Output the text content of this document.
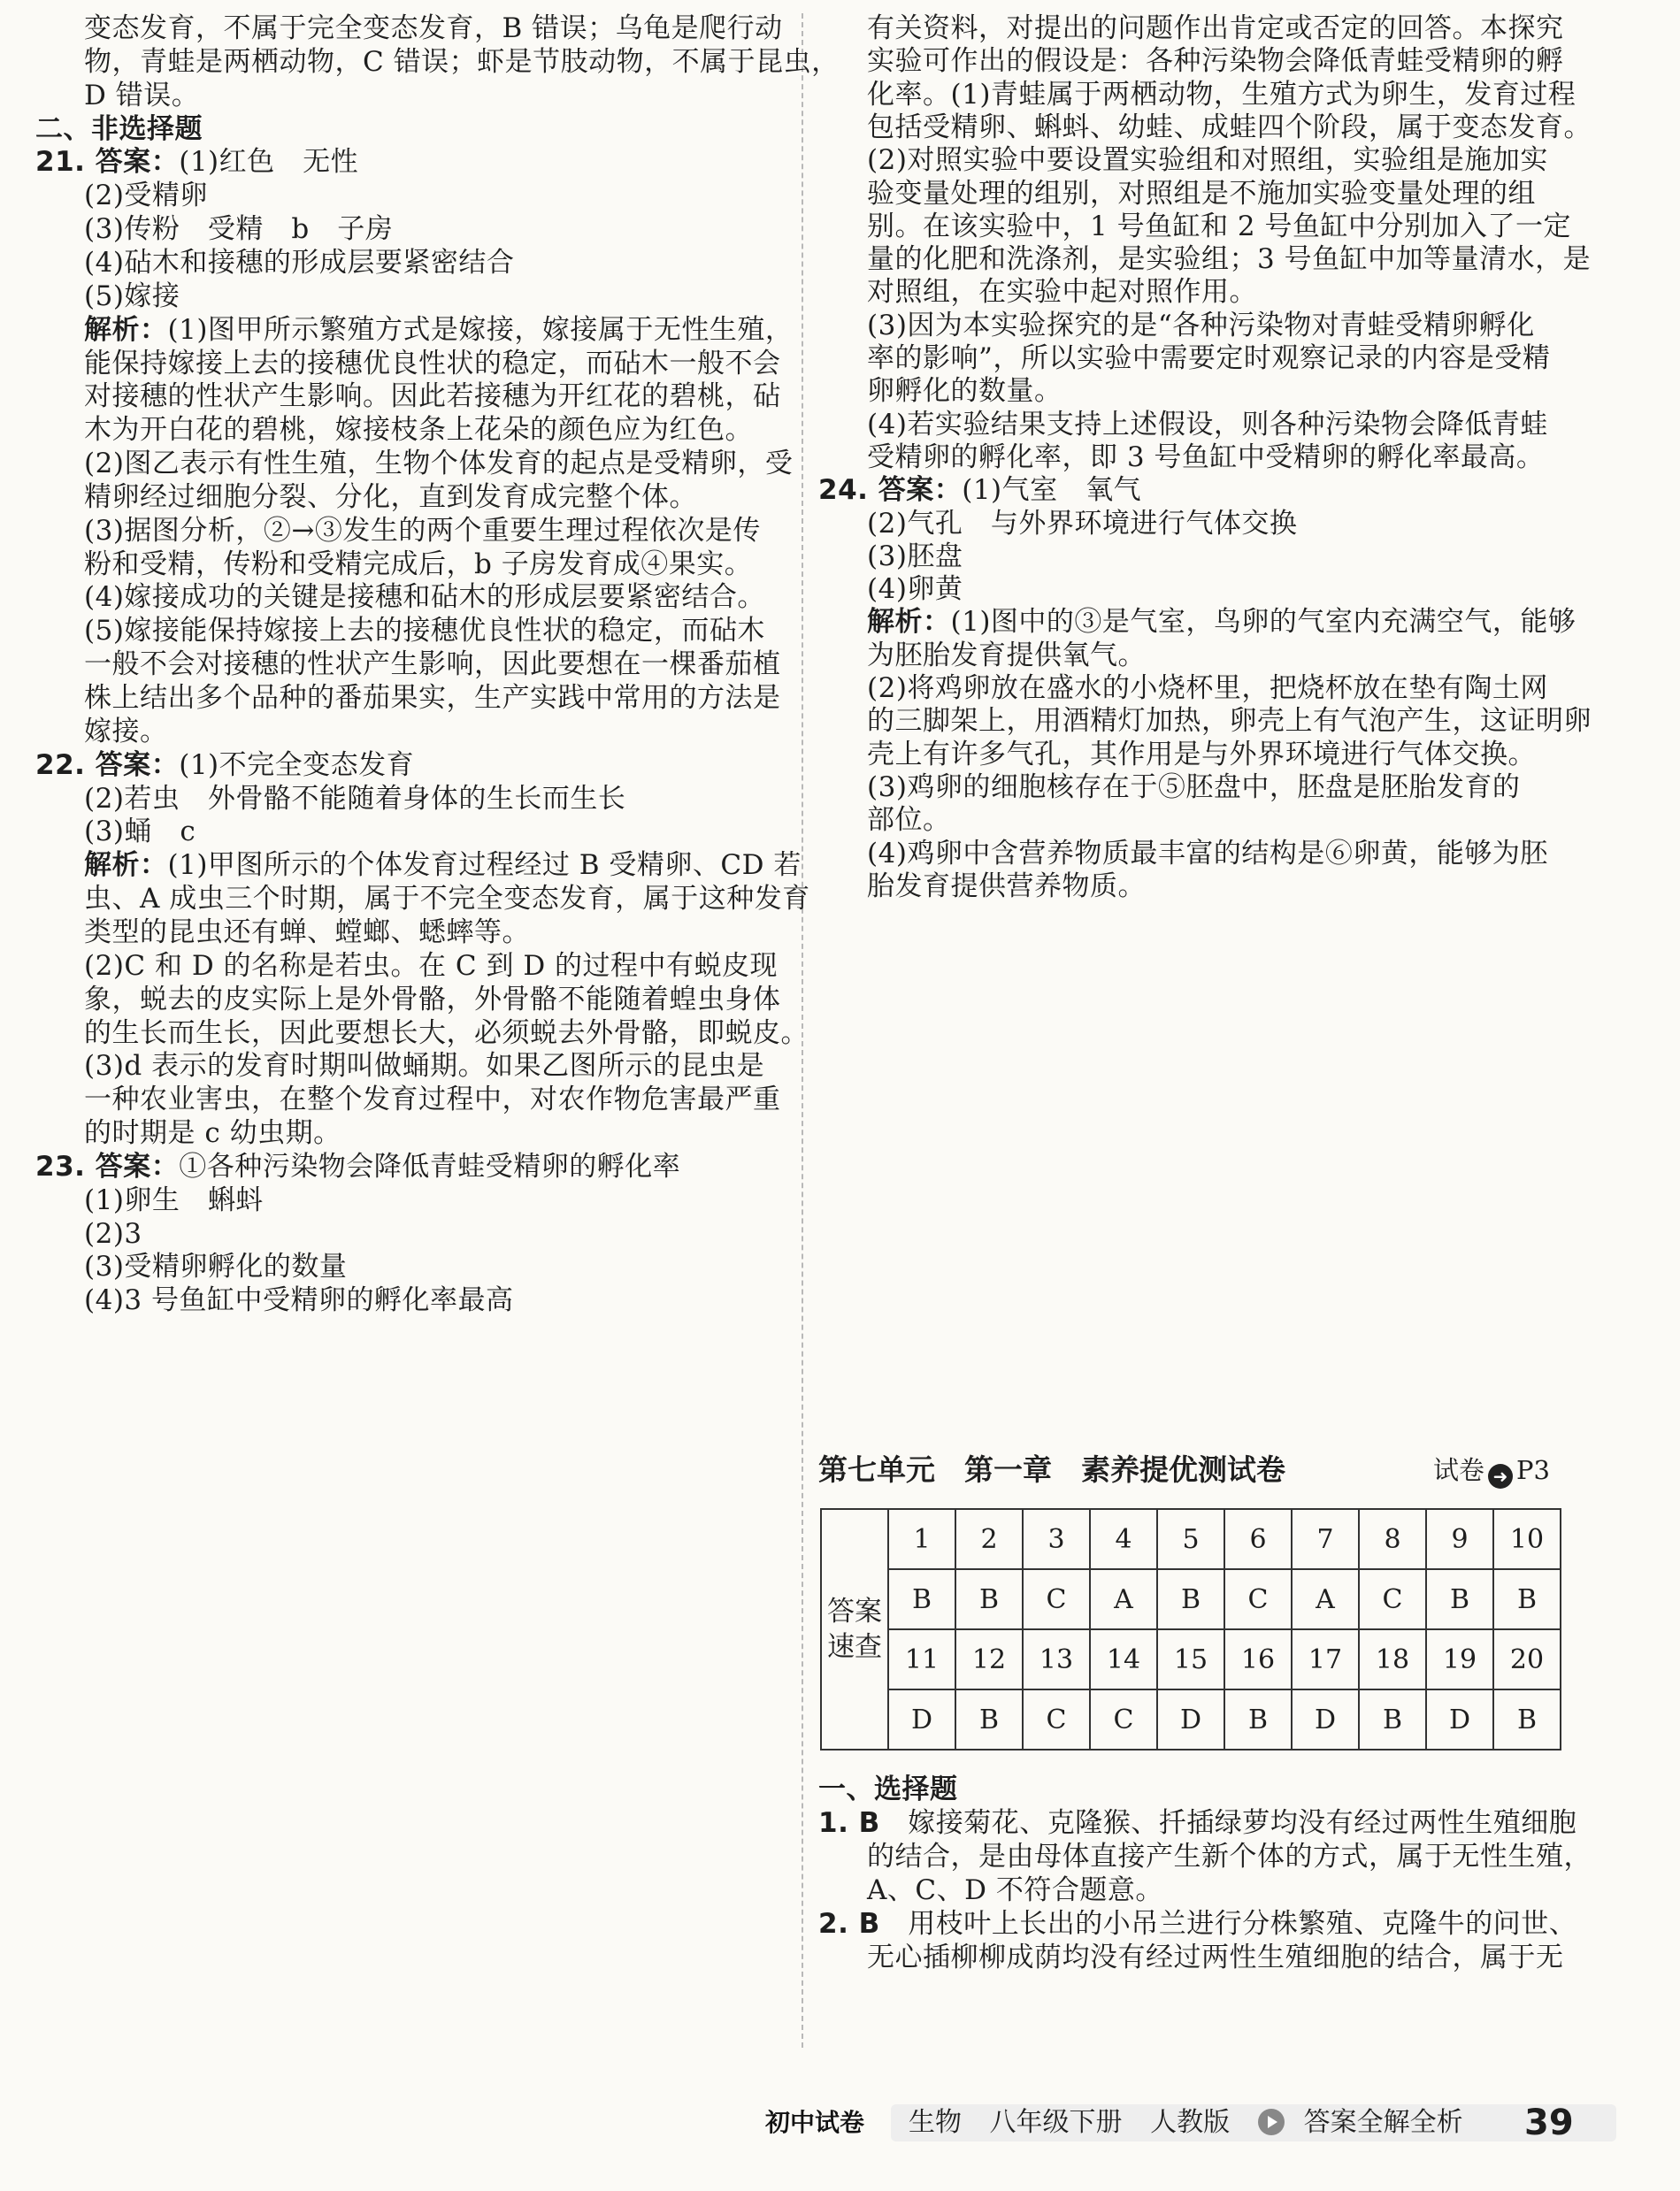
变态发育，不属于完全变态发育，B 错误；乌龟是爬行动
物，青蛙是两栖动物，C 错误；虾是节肢动物，不属于昆虫，
D 错误。
二、非选择题
21. 答案：(1)红色　无性
(2)受精卵
(3)传粉　受精　b　子房
(4)砧木和接穗的形成层要紧密结合
(5)嫁接
解析：(1)图甲所示繁殖方式是嫁接，嫁接属于无性生殖，
能保持嫁接上去的接穗优良性状的稳定，而砧木一般不会
对接穗的性状产生影响。因此若接穗为开红花的碧桃，砧
木为开白花的碧桃，嫁接枝条上花朵的颜色应为红色。
(2)图乙表示有性生殖，生物个体发育的起点是受精卵，受
精卵经过细胞分裂、分化，直到发育成完整个体。
(3)据图分析，②→③发生的两个重要生理过程依次是传
粉和受精，传粉和受精完成后，b 子房发育成④果实。
(4)嫁接成功的关键是接穗和砧木的形成层要紧密结合。
(5)嫁接能保持嫁接上去的接穗优良性状的稳定，而砧木
一般不会对接穗的性状产生影响，因此要想在一棵番茄植
株上结出多个品种的番茄果实，生产实践中常用的方法是
嫁接。
22. 答案：(1)不完全变态发育
(2)若虫　外骨骼不能随着身体的生长而生长
(3)蛹　c
解析：(1)甲图所示的个体发育过程经过 B 受精卵、CD 若
虫、A 成虫三个时期，属于不完全变态发育，属于这种发育
类型的昆虫还有蝉、螳螂、蟋蟀等。
(2)C 和 D 的名称是若虫。在 C 到 D 的过程中有蜕皮现
象，蜕去的皮实际上是外骨骼，外骨骼不能随着蝗虫身体
的生长而生长，因此要想长大，必须蜕去外骨骼，即蜕皮。
(3)d 表示的发育时期叫做蛹期。如果乙图所示的昆虫是
一种农业害虫，在整个发育过程中，对农作物危害最严重
的时期是 c 幼虫期。
23. 答案：①各种污染物会降低青蛙受精卵的孵化率
(1)卵生　蝌蚪
(2)3
(3)受精卵孵化的数量
(4)3 号鱼缸中受精卵的孵化率最高
有关资料，对提出的问题作出肯定或否定的回答。本探究
实验可作出的假设是：各种污染物会降低青蛙受精卵的孵
化率。(1)青蛙属于两栖动物，生殖方式为卵生，发育过程
包括受精卵、蝌蚪、幼蛙、成蛙四个阶段，属于变态发育。
(2)对照实验中要设置实验组和对照组，实验组是施加实
验变量处理的组别，对照组是不施加实验变量处理的组
别。在该实验中，1 号鱼缸和 2 号鱼缸中分别加入了一定
量的化肥和洗涤剂，是实验组；3 号鱼缸中加等量清水，是
对照组，在实验中起对照作用。
(3)因为本实验探究的是“各种污染物对青蛙受精卵孵化
率的影响”，所以实验中需要定时观察记录的内容是受精
卵孵化的数量。
(4)若实验结果支持上述假设，则各种污染物会降低青蛙
受精卵的孵化率，即 3 号鱼缸中受精卵的孵化率最高。
24. 答案：(1)气室　氧气
(2)气孔　与外界环境进行气体交换
(3)胚盘
(4)卵黄
解析：(1)图中的③是气室，鸟卵的气室内充满空气，能够
为胚胎发育提供氧气。
(2)将鸡卵放在盛水的小烧杯里，把烧杯放在垫有陶土网
的三脚架上，用酒精灯加热，卵壳上有气泡产生，这证明卵
壳上有许多气孔，其作用是与外界环境进行气体交换。
(3)鸡卵的细胞核存在于⑤胚盘中，胚盘是胚胎发育的
部位。
(4)鸡卵中含营养物质最丰富的结构是⑥卵黄，能够为胚
胎发育提供营养物质。
第七单元　第一章　素养提优测试卷	试卷 ➜ P3
答案速查	1	2	3	4	5	6	7	8	9	10
	B	B	C	A	B	C	A	C	B	B
	11	12	13	14	15	16	17	18	19	20
	D	B	C	C	D	B	D	B	D	B
一、选择题
1. B　嫁接菊花、克隆猴、扦插绿萝均没有经过两性生殖细胞
的结合，是由母体直接产生新个体的方式，属于无性生殖，
A、C、D 不符合题意。
2. B　用枝叶上长出的小吊兰进行分株繁殖、克隆牛的问世、
无心插柳柳成荫均没有经过两性生殖细胞的结合，属于无
初中试卷	生物 八年级下册 人教版	答案全解全析	39
